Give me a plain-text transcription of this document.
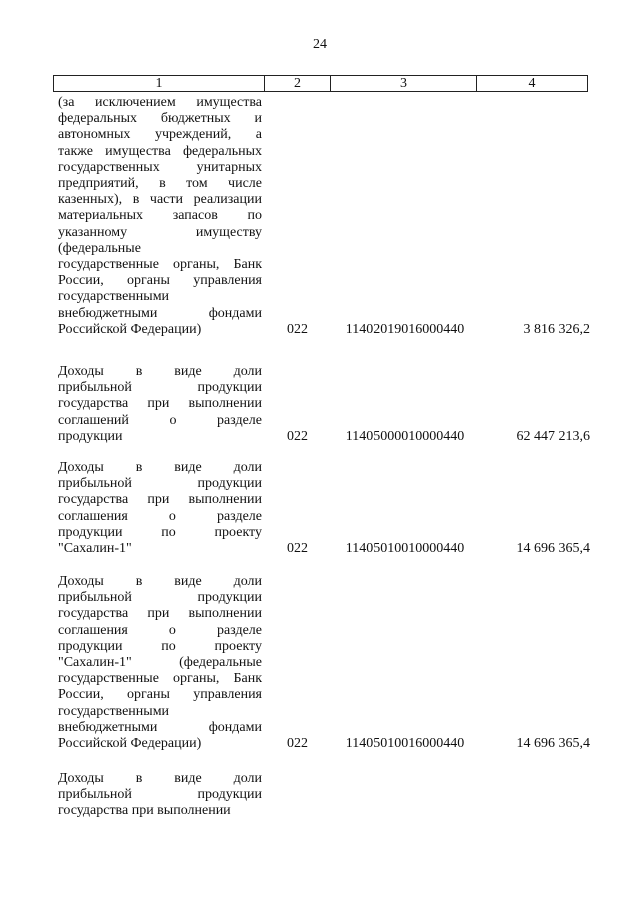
24
1	2	3	4
(за исключением имущества
федеральных бюджетных и
автономных учреждений, а
также имущества федеральных
государственных унитарных
предприятий, в том числе
казенных), в части реализации
материальных запасов по
указанному имуществу
(федеральные
государственные органы, Банк
России, органы управления
государственными
внебюджетными фондами
Российской Федерации)	022	11402019016000440	3 816 326,2
Доходы в виде доли
прибыльной продукции
государства при выполнении
соглашений о разделе
продукции	022	11405000010000440	62 447 213,6
Доходы в виде доли
прибыльной продукции
государства при выполнении
соглашения о разделе
продукции по проекту
"Сахалин-1"	022	11405010010000440	14 696 365,4
Доходы в виде доли
прибыльной продукции
государства при выполнении
соглашения о разделе
продукции по проекту
"Сахалин-1" (федеральные
государственные органы, Банк
России, органы управления
государственными
внебюджетными фондами
Российской Федерации)	022	11405010016000440	14 696 365,4
Доходы в виде доли
прибыльной продукции
государства при выполнении
